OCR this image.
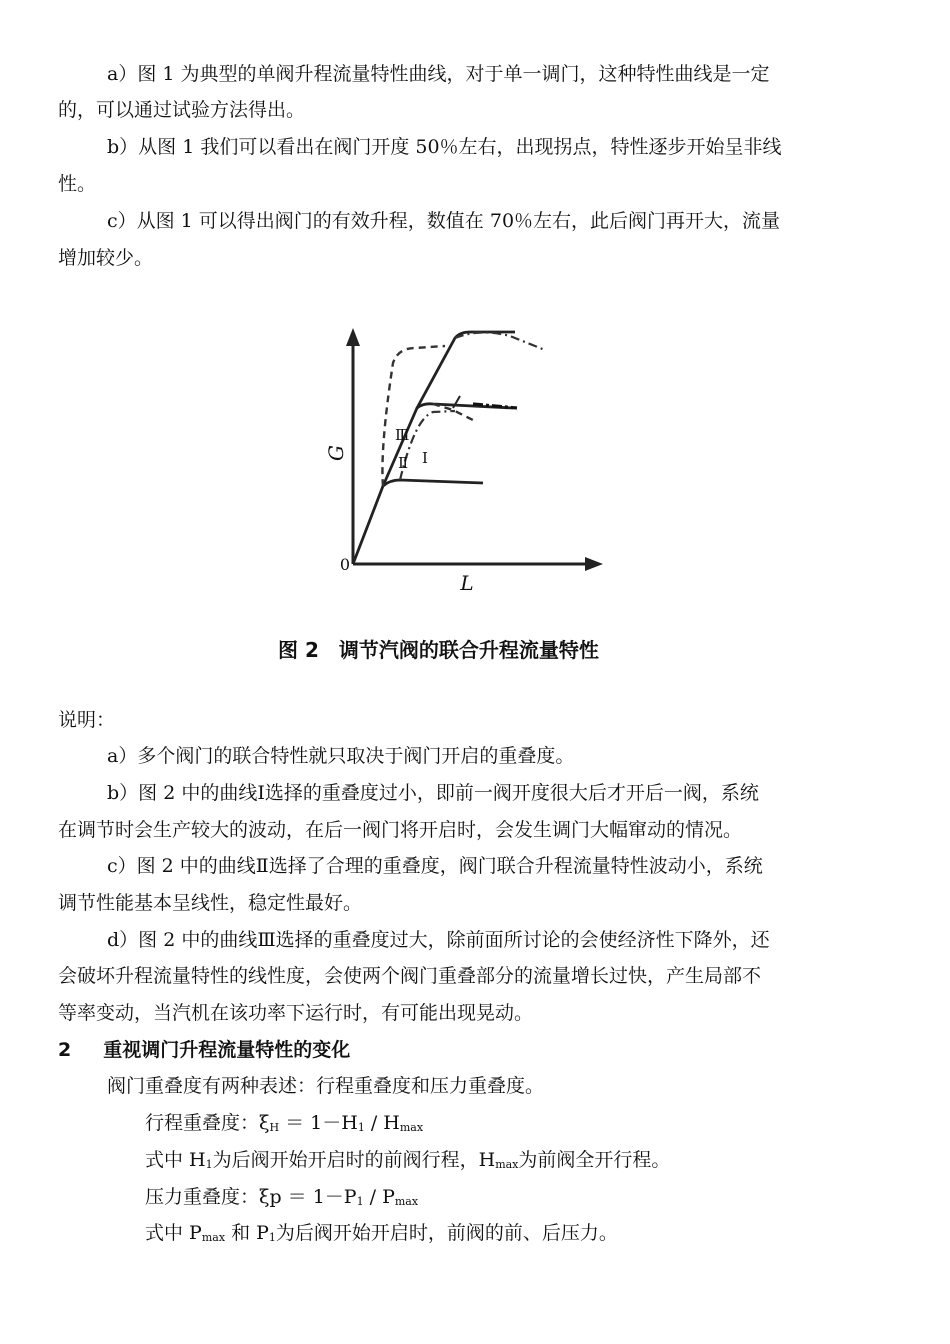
a）图 1 为典型的单阀升程流量特性曲线，对于单一调门，这种特性曲线是一定
的，可以通过试验方法得出。
b）从图 1 我们可以看出在阀门开度 50％左右，出现拐点，特性逐步开始呈非线
性。
c）从图 1 可以得出阀门的有效升程，数值在 70％左右，此后阀门再开大，流量
增加较少。
G
L
0
Ⅲ
Ⅱ Ⅰ
图 2　调节汽阀的联合升程流量特性
说明：
a）多个阀门的联合特性就只取决于阀门开启的重叠度。
b）图 2 中的曲线Ⅰ选择的重叠度过小，即前一阀开度很大后才开后一阀，系统
在调节时会生产较大的波动，在后一阀门将开启时，会发生调门大幅窜动的情况。
c）图 2 中的曲线Ⅱ选择了合理的重叠度，阀门联合升程流量特性波动小，系统
调节性能基本呈线性，稳定性最好。
d）图 2 中的曲线Ⅲ选择的重叠度过大，除前面所讨论的会使经济性下降外，还
会破坏升程流量特性的线性度，会使两个阀门重叠部分的流量增长过快，产生局部不
等率变动，当汽机在该功率下运行时，有可能出现晃动。
2 重视调门升程流量特性的变化
阀门重叠度有两种表述：行程重叠度和压力重叠度。
行程重叠度：$\xi_H = 1-H_1 / H_{max}$
式中 $H_1$为后阀开始开启时的前阀行程，$H_{max}$为前阀全开行程。
压力重叠度：$\xi p = 1-P_1 / P_{max}$
式中 $P_{max}$ 和 $P_1$为后阀开始开启时，前阀的前、后压力。
